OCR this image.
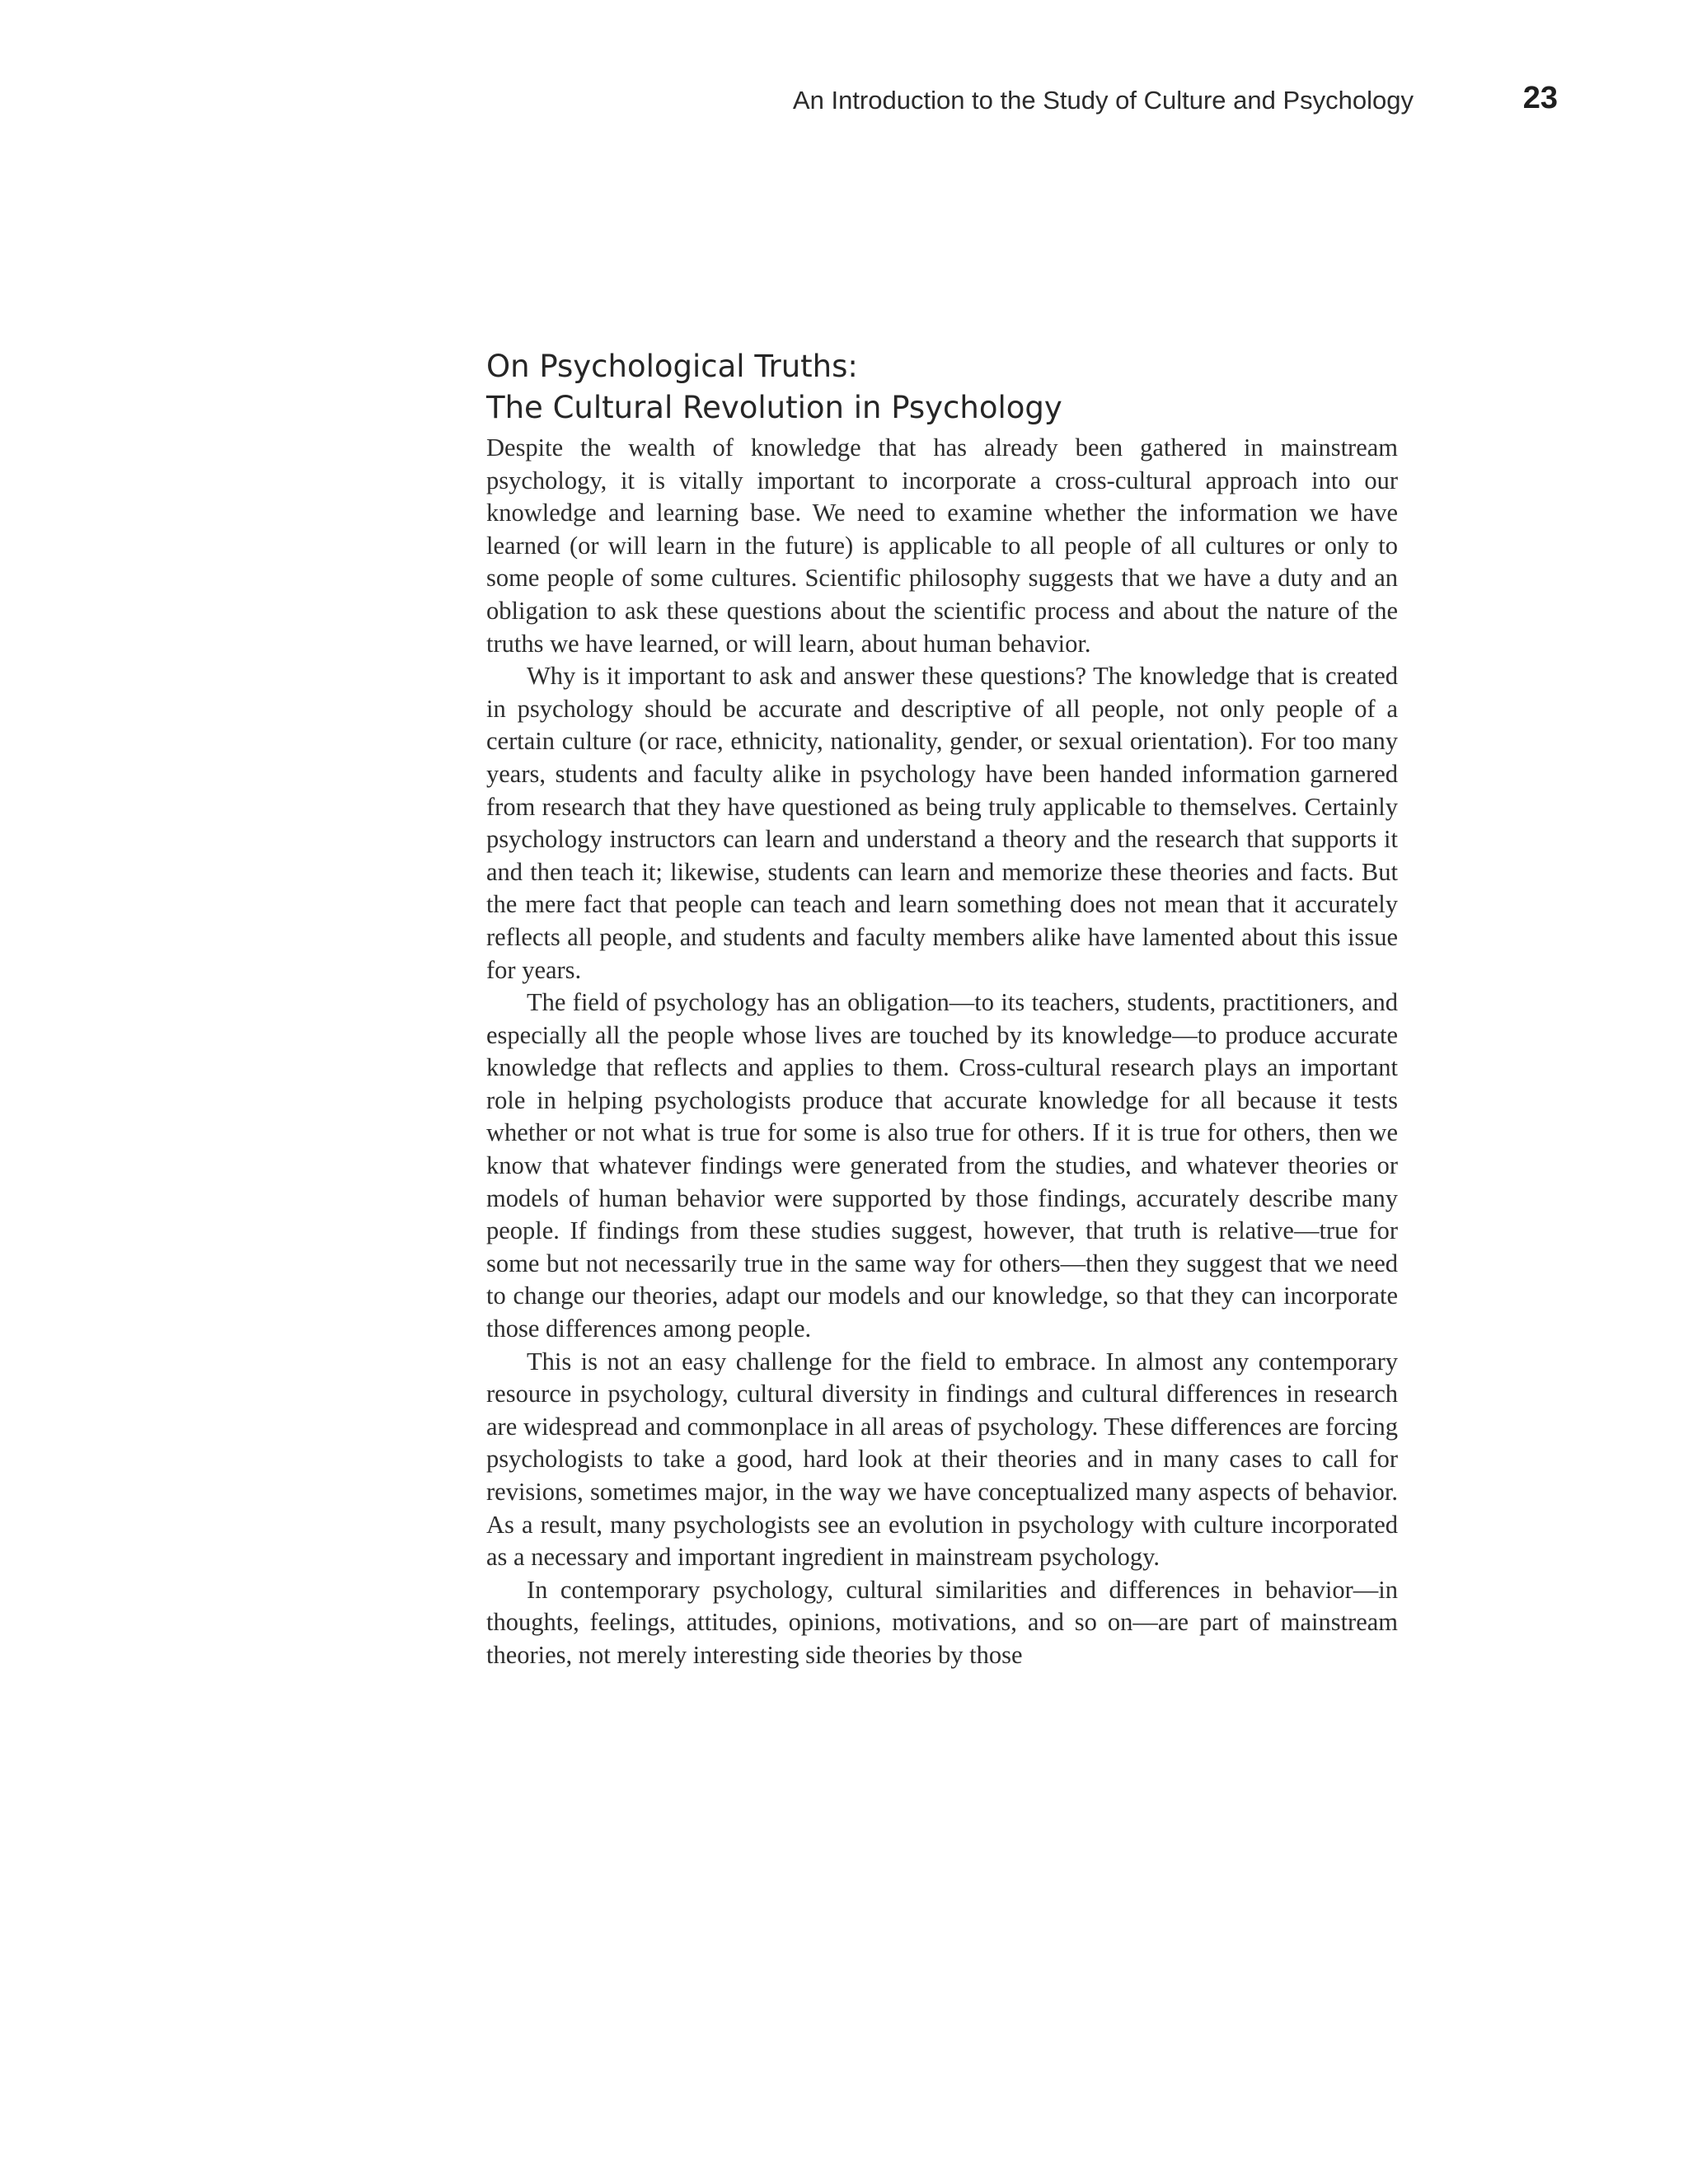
An Introduction to the Study of Culture and Psychology	23
On Psychological Truths:
The Cultural Revolution in Psychology

Despite the wealth of knowledge that has already been gathered in mainstream psychology, it is vitally important to incorporate a cross-cultural approach into our knowledge and learning base. We need to examine whether the information we have learned (or will learn in the future) is applicable to all people of all cultures or only to some people of some cultures. Scientific philosophy suggests that we have a duty and an obligation to ask these questions about the scientific process and about the nature of the truths we have learned, or will learn, about human behavior.

Why is it important to ask and answer these questions? The knowledge that is created in psychology should be accurate and descriptive of all people, not only people of a certain culture (or race, ethnicity, nationality, gender, or sexual orientation). For too many years, students and faculty alike in psychology have been handed information garnered from research that they have questioned as being truly applicable to themselves. Certainly psychology instructors can learn and understand a theory and the research that supports it and then teach it; likewise, students can learn and memorize these theories and facts. But the mere fact that people can teach and learn something does not mean that it accurately reflects all people, and students and faculty members alike have lamented about this issue for years.

The field of psychology has an obligation—to its teachers, students, practitioners, and especially all the people whose lives are touched by its knowledge—to produce accurate knowledge that reflects and applies to them. Cross-cultural research plays an important role in helping psychologists produce that accurate knowledge for all because it tests whether or not what is true for some is also true for others. If it is true for others, then we know that whatever findings were generated from the studies, and whatever theories or models of human behavior were supported by those findings, accurately describe many people. If findings from these studies suggest, however, that truth is relative—true for some but not necessarily true in the same way for others—then they suggest that we need to change our theories, adapt our models and our knowledge, so that they can incorporate those differences among people.

This is not an easy challenge for the field to embrace. In almost any contemporary resource in psychology, cultural diversity in findings and cultural differences in research are widespread and commonplace in all areas of psychology. These differences are forcing psychologists to take a good, hard look at their theories and in many cases to call for revisions, sometimes major, in the way we have conceptualized many aspects of behavior. As a result, many psychologists see an evolution in psychology with culture incorporated as a necessary and important ingredient in mainstream psychology.

In contemporary psychology, cultural similarities and differences in behavior—in thoughts, feelings, attitudes, opinions, motivations, and so on—are part of mainstream theories, not merely interesting side theories by those
